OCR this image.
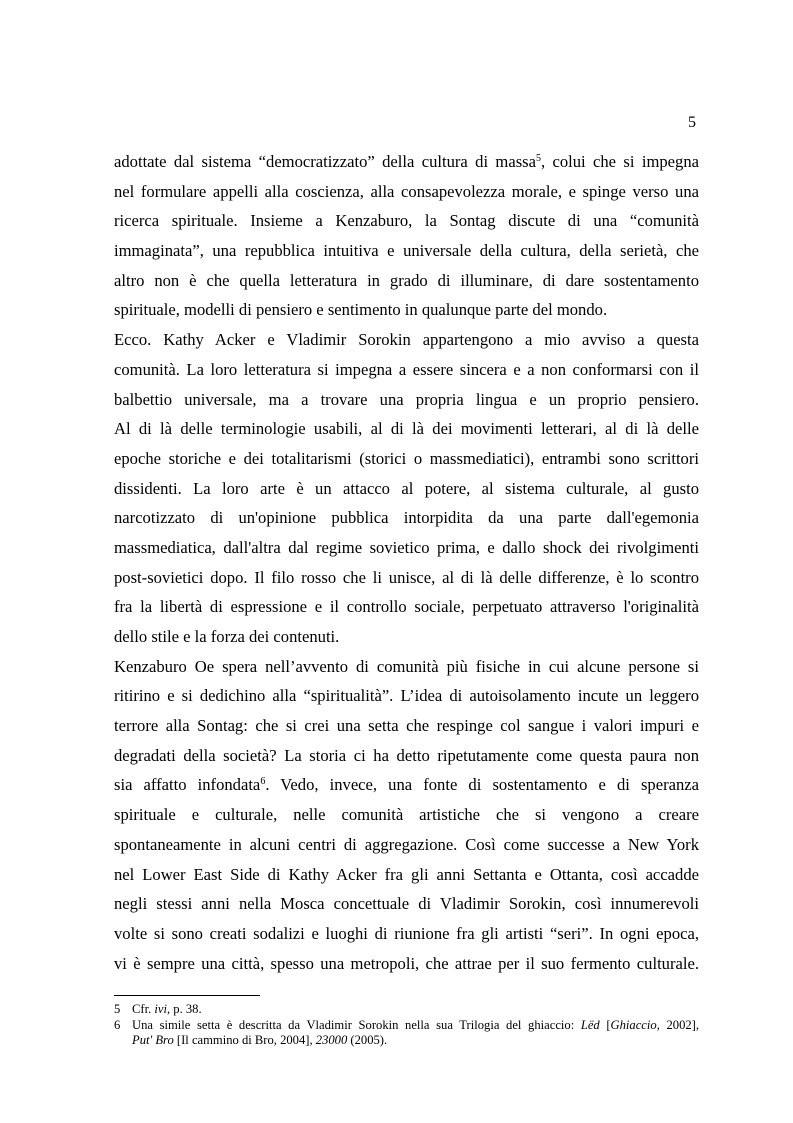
5
adottate dal sistema “democratizzato” della cultura di massa$^5$, colui che si impegna
nel formulare appelli alla coscienza, alla consapevolezza morale, e spinge verso una
ricerca spirituale. Insieme a Kenzaburo, la Sontag discute di una “comunità
immaginata”, una repubblica intuitiva e universale della cultura, della serietà, che
altro non è che quella letteratura in grado di illuminare, di dare sostentamento
spirituale, modelli di pensiero e sentimento in qualunque parte del mondo.
Ecco. Kathy Acker e Vladimir Sorokin appartengono a mio avviso a questa
comunità. La loro letteratura si impegna a essere sincera e a non conformarsi con il
balbettio universale, ma a trovare una propria lingua e un proprio pensiero.
Al di là delle terminologie usabili, al di là dei movimenti letterari, al di là delle
epoche storiche e dei totalitarismi (storici o massmediatici), entrambi sono scrittori
dissidenti. La loro arte è un attacco al potere, al sistema culturale, al gusto
narcotizzato di un'opinione pubblica intorpidita da una parte dall'egemonia
massmediatica, dall'altra dal regime sovietico prima, e dallo shock dei rivolgimenti
post-sovietici dopo. Il filo rosso che li unisce, al di là delle differenze, è lo scontro
fra la libertà di espressione e il controllo sociale, perpetuato attraverso l'originalità
dello stile e la forza dei contenuti.
Kenzaburo Oe spera nell’avvento di comunità più fisiche in cui alcune persone si
ritirino e si dedichino alla “spiritualità”. L’idea di autoisolamento incute un leggero
terrore alla Sontag: che si crei una setta che respinge col sangue i valori impuri e
degradati della società? La storia ci ha detto ripetutamente come questa paura non
sia affatto infondata$^6$. Vedo, invece, una fonte di sostentamento e di speranza
spirituale e culturale, nelle comunità artistiche che si vengono a creare
spontaneamente in alcuni centri di aggregazione. Così come successe a New York
nel Lower East Side di Kathy Acker fra gli anni Settanta e Ottanta, così accadde
negli stessi anni nella Mosca concettuale di Vladimir Sorokin, così innumerevoli
volte si sono creati sodalizi e luoghi di riunione fra gli artisti “seri”. In ogni epoca,
vi è sempre una città, spesso una metropoli, che attrae per il suo fermento culturale.
5 Cfr. ivi, p. 38.
6 Una simile setta è descritta da Vladimir Sorokin nella sua Trilogia del ghiaccio: Lëd [Ghiaccio, 2002],
Put' Bro [Il cammino di Bro, 2004], 23000 (2005).
